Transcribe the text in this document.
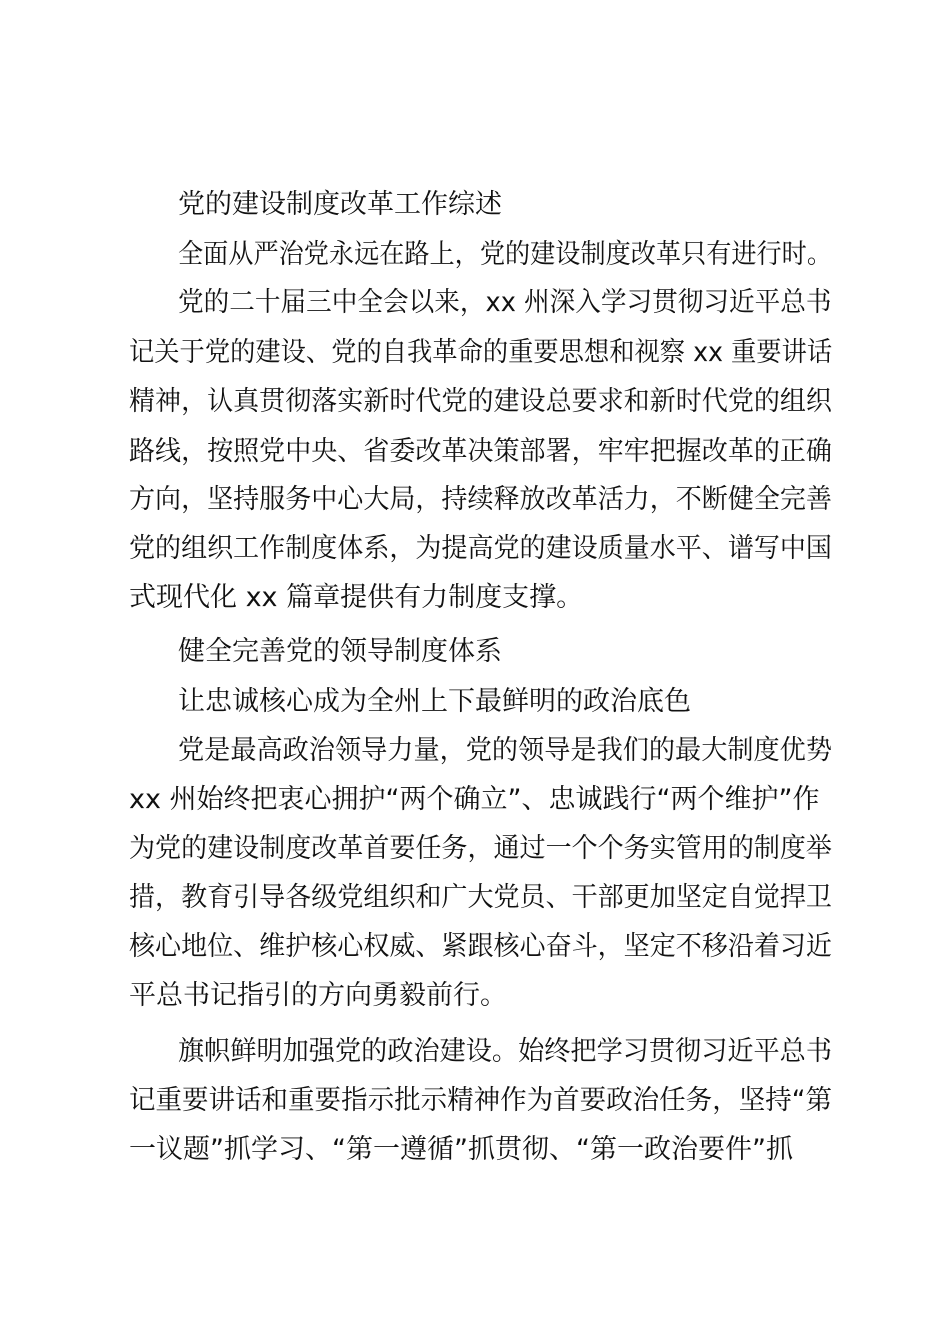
党的建设制度改革工作综述
全面从严治党永远在路上，党的建设制度改革只有进行时。
党的二十届三中全会以来，xx 州深入学习贯彻习近平总书
记关于党的建设、党的自我革命的重要思想和视察 xx 重要讲话
精神，认真贯彻落实新时代党的建设总要求和新时代党的组织
路线，按照党中央、省委改革决策部署，牢牢把握改革的正确
方向，坚持服务中心大局，持续释放改革活力，不断健全完善
党的组织工作制度体系，为提高党的建设质量水平、谱写中国
式现代化 xx 篇章提供有力制度支撑。
健全完善党的领导制度体系
让忠诚核心成为全州上下最鲜明的政治底色
党是最高政治领导力量，党的领导是我们的最大制度优势
xx 州始终把衷心拥护“两个确立”、忠诚践行“两个维护”作
为党的建设制度改革首要任务，通过一个个务实管用的制度举
措，教育引导各级党组织和广大党员、干部更加坚定自觉捍卫
核心地位、维护核心权威、紧跟核心奋斗，坚定不移沿着习近
平总书记指引的方向勇毅前行。
旗帜鲜明加强党的政治建设。始终把学习贯彻习近平总书
记重要讲话和重要指示批示精神作为首要政治任务，坚持“第
一议题”抓学习、“第一遵循”抓贯彻、“第一政治要件”抓
